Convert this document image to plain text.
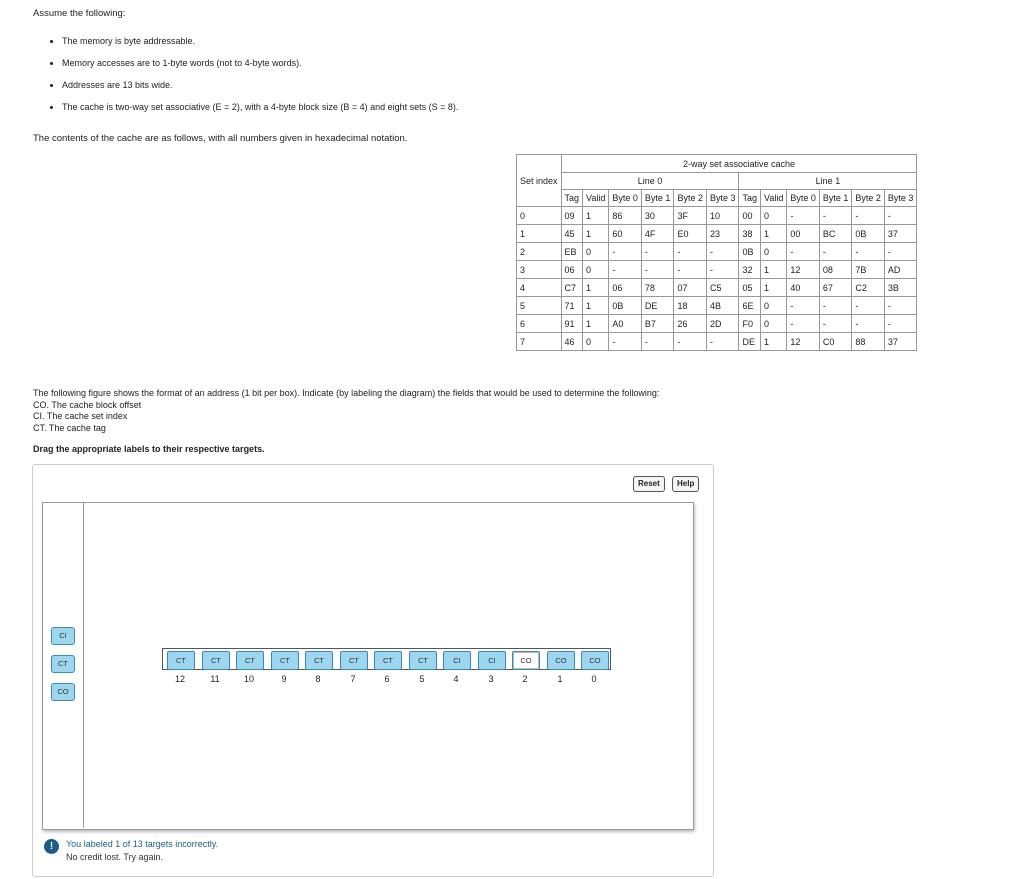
Assume the following:
• The memory is byte addressable.
• Memory accesses are to 1-byte words (not to 4-byte words).
• Addresses are 13 bits wide.
• The cache is two-way set associative (E = 2), with a 4-byte block size (B = 4) and eight sets (S = 8).
The contents of the cache are as follows, with all numbers given in hexadecimal notation.
Set index	2-way set associative cache											
	Line 0						Line 1					
	Tag	Valid	Byte 0	Byte 1	Byte 2	Byte 3	Tag	Valid	Byte 0	Byte 1	Byte 2	Byte 3
0	09	1	86	30	3F	10	00	0	-	-	-	-
1	45	1	60	4F	E0	23	38	1	00	BC	0B	37
2	EB	0	-	-	-	-	0B	0	-	-	-	-
3	06	0	-	-	-	-	32	1	12	08	7B	AD
4	C7	1	06	78	07	C5	05	1	40	67	C2	3B
5	71	1	0B	DE	18	4B	6E	0	-	-	-	-
6	91	1	A0	B7	26	2D	F0	0	-	-	-	-
7	46	0	-	-	-	-	DE	1	12	C0	88	37
The following figure shows the format of an address (1 bit per box). Indicate (by labeling the diagram) the fields that would be used to determine the following:
CO. The cache block offset
CI. The cache set index
CT. The cache tag
Drag the appropriate labels to their respective targets.
Reset	Help
CI
CT
CO
CT
12
CT
11
CT
10
CT
9
CT
8
CT
7
CT
6
CT
5
CI
4
CI
3
CO
2
CO
1
CO
0
!	You labeled 1 of 13 targets incorrectly.
No credit lost. Try again.
